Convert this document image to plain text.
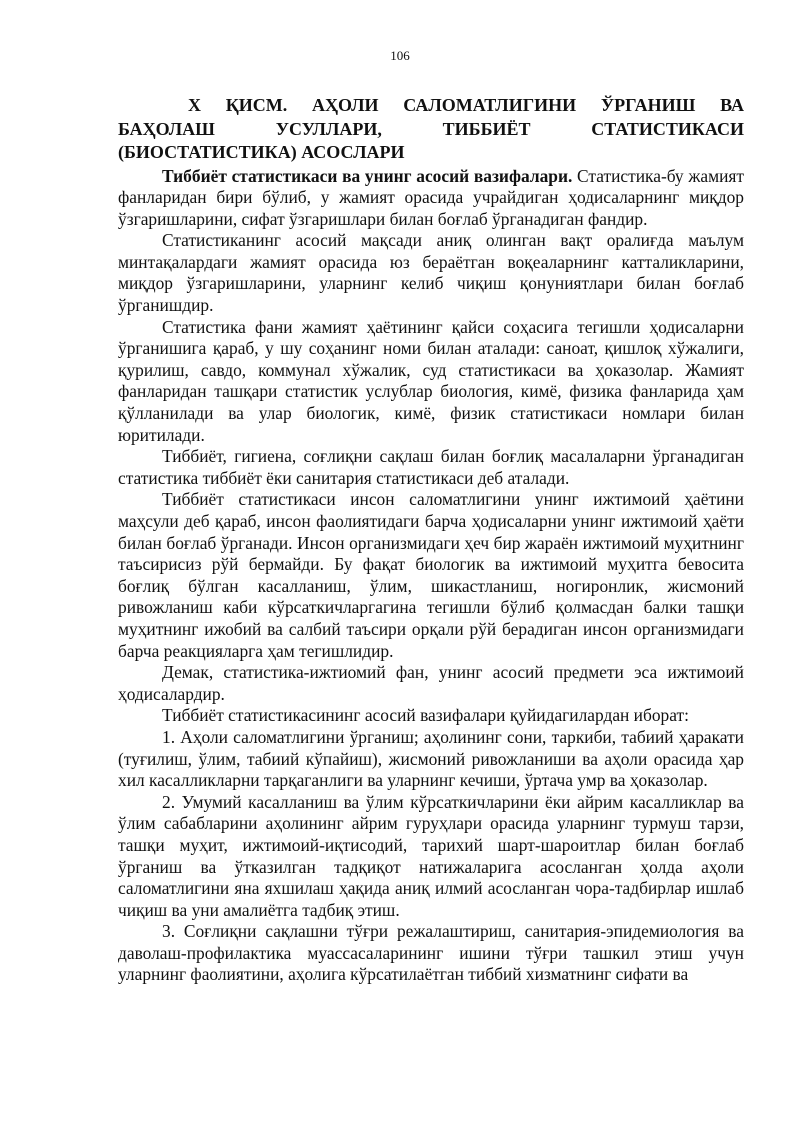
106
Х ҚИСМ. АҲОЛИ САЛОМАТЛИГИНИ ЎРГАНИШ ВА
БАҲОЛАШ УСУЛЛАРИ, ТИББИЁТ СТАТИСТИКАСИ
(БИОСТАТИСТИКА) АСОСЛАРИ

Тиббиёт статистикаси ва унинг асосий вазифалари. Статистика-бу жамият фанларидан бири бўлиб, у жамият орасида учрайдиган ҳодисаларнинг миқдор ўзгаришларини, сифат ўзгаришлари билан боғлаб ўрганадиган фандир.

Статистиканинг асосий мақсади аниқ олинган вақт оралиғда маълум минтақалардаги жамият орасида юз бераётган воқеаларнинг катталикларини, миқдор ўзгаришларини, уларнинг келиб чиқиш қонуниятлари билан боғлаб ўрганишдир.

Статистика фани жамият ҳаётининг қайси соҳасига тегишли ҳодисаларни ўрганишига қараб, у шу соҳанинг номи билан аталади: саноат, қишлоқ хўжалиги, қурилиш, савдо, коммунал хўжалик, суд статистикаси ва ҳоказолар. Жамият фанларидан ташқари статистик услублар биология, кимё, физика фанларида ҳам қўлланилади ва улар биологик, кимё, физик статистикаси номлари билан юритилади.

Тиббиёт, гигиена, соғлиқни сақлаш билан боғлиқ масалаларни ўрганадиган статистика тиббиёт ёки санитария статистикаси деб аталади.

Тиббиёт статистикаси инсон саломатлигини унинг ижтимоий ҳаётини маҳсули деб қараб, инсон фаолиятидаги барча ҳодисаларни унинг ижтимоий ҳаёти билан боғлаб ўрганади. Инсон организмидаги ҳеч бир жараён ижтимоий муҳитнинг таъсирисиз рўй бермайди. Бу фақат биологик ва ижтимоий муҳитга бевосита боғлиқ бўлган касалланиш, ўлим, шикастланиш, ногиронлик, жисмоний ривожланиш каби кўрсаткичларгагина тегишли бўлиб қолмасдан балки ташқи муҳитнинг ижобий ва салбий таъсири орқали рўй берадиган инсон организмидаги барча реакцияларга ҳам тегишлидир.

Демак, статистика-ижтиомий фан, унинг асосий предмети эса ижтимоий ҳодисалардир.

Тиббиёт статистикасининг асосий вазифалари қуйидагилардан иборат:

1. Аҳоли саломатлигини ўрганиш; аҳолининг сони, таркиби, табиий ҳаракати (туғилиш, ўлим, табиий кўпайиш), жисмоний ривожланиши ва аҳоли орасида ҳар хил касалликларни тарқаганлиги ва уларнинг кечиши, ўртача умр ва ҳоказолар.

2. Умумий касалланиш ва ўлим кўрсаткичларини ёки айрим касалликлар ва ўлим сабабларини аҳолининг айрим гуруҳлари орасида уларнинг турмуш тарзи, ташқи муҳит, ижтимоий-иқтисодий, тарихий шарт-шароитлар билан боғлаб ўрганиш ва ўтказилган тадқиқот натижаларига асосланган ҳолда аҳоли саломатлигини яна яхшилаш ҳақида аниқ илмий асосланган чора-тадбирлар ишлаб чиқиш ва уни амалиётга тадбиқ этиш.

3. Соғлиқни сақлашни тўғри режалаштириш, санитария-эпидемиология ва даволаш-профилактика муассасаларининг ишини тўғри ташкил этиш учун уларнинг фаолиятини, аҳолига кўрсатилаётган тиббий хизматнинг сифати ва
